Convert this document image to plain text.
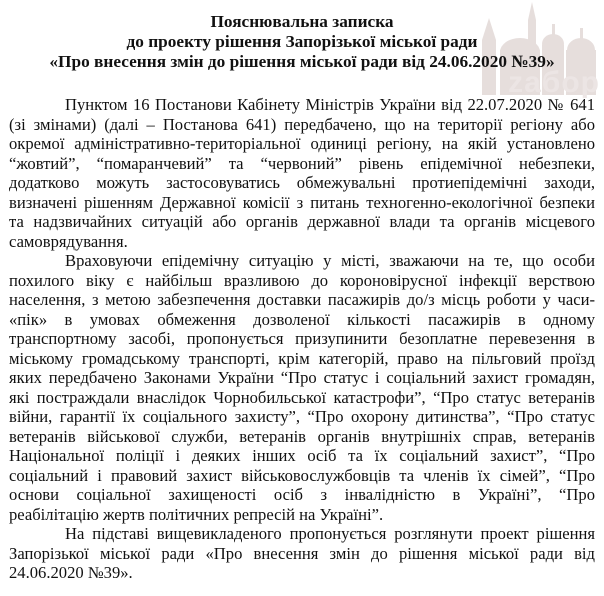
zaбор
Пояснювальна записка
до проекту рішення Запорізької міської ради
«Про внесення змін до рішення міської ради від 24.06.2020 №39»

Пунктом 16 Постанови Кабінету Міністрів України від 22.07.2020 № 641
(зі змінами) (далі – Постанова 641) передбачено, що на території регіону або
окремої адміністративно-територіальної одиниці регіону, на якій установлено
“жовтий”, “помаранчевий” та “червоний” рівень епідемічної небезпеки,
додатково можуть застосовуватись обмежувальні протиепідемічні заходи,
визначені рішенням Державної комісії з питань техногенно-екологічної безпеки
та надзвичайних ситуацій або органів державної влади та органів місцевого
самоврядування.

Враховуючи епідемічну ситуацію у місті, зважаючи на те, що особи
похилого віку є найбільш вразливою до короновірусної інфекції верствою
населення, з метою забезпечення доставки пасажирів до/з місць роботи у часи-
«пік» в умовах обмеження дозволеної кількості пасажирів в одному
транспортному засобі, пропонується призупинити безоплатне перевезення в
міському громадському транспорті, крім категорій, право на пільговий проїзд
яких передбачено Законами України “Про статус і соціальний захист громадян,
які постраждали внаслідок Чорнобильської катастрофи”, “Про статус ветеранів
війни, гарантії їх соціального захисту”, “Про охорону дитинства”, “Про статус
ветеранів військової служби, ветеранів органів внутрішніх справ, ветеранів
Національної поліції і деяких інших осіб та їх соціальний захист”, “Про
соціальний і правовий захист військовослужбовців та членів їх сімей”, “Про
основи соціальної захищеності осіб з інвалідністю в Україні”, “Про
реабілітацію жертв політичних репресій на Україні”.

На підставі вищевикладеного пропонується розглянути проект рішення
Запорізької міської ради «Про внесення змін до рішення міської ради від
24.06.2020 №39».
